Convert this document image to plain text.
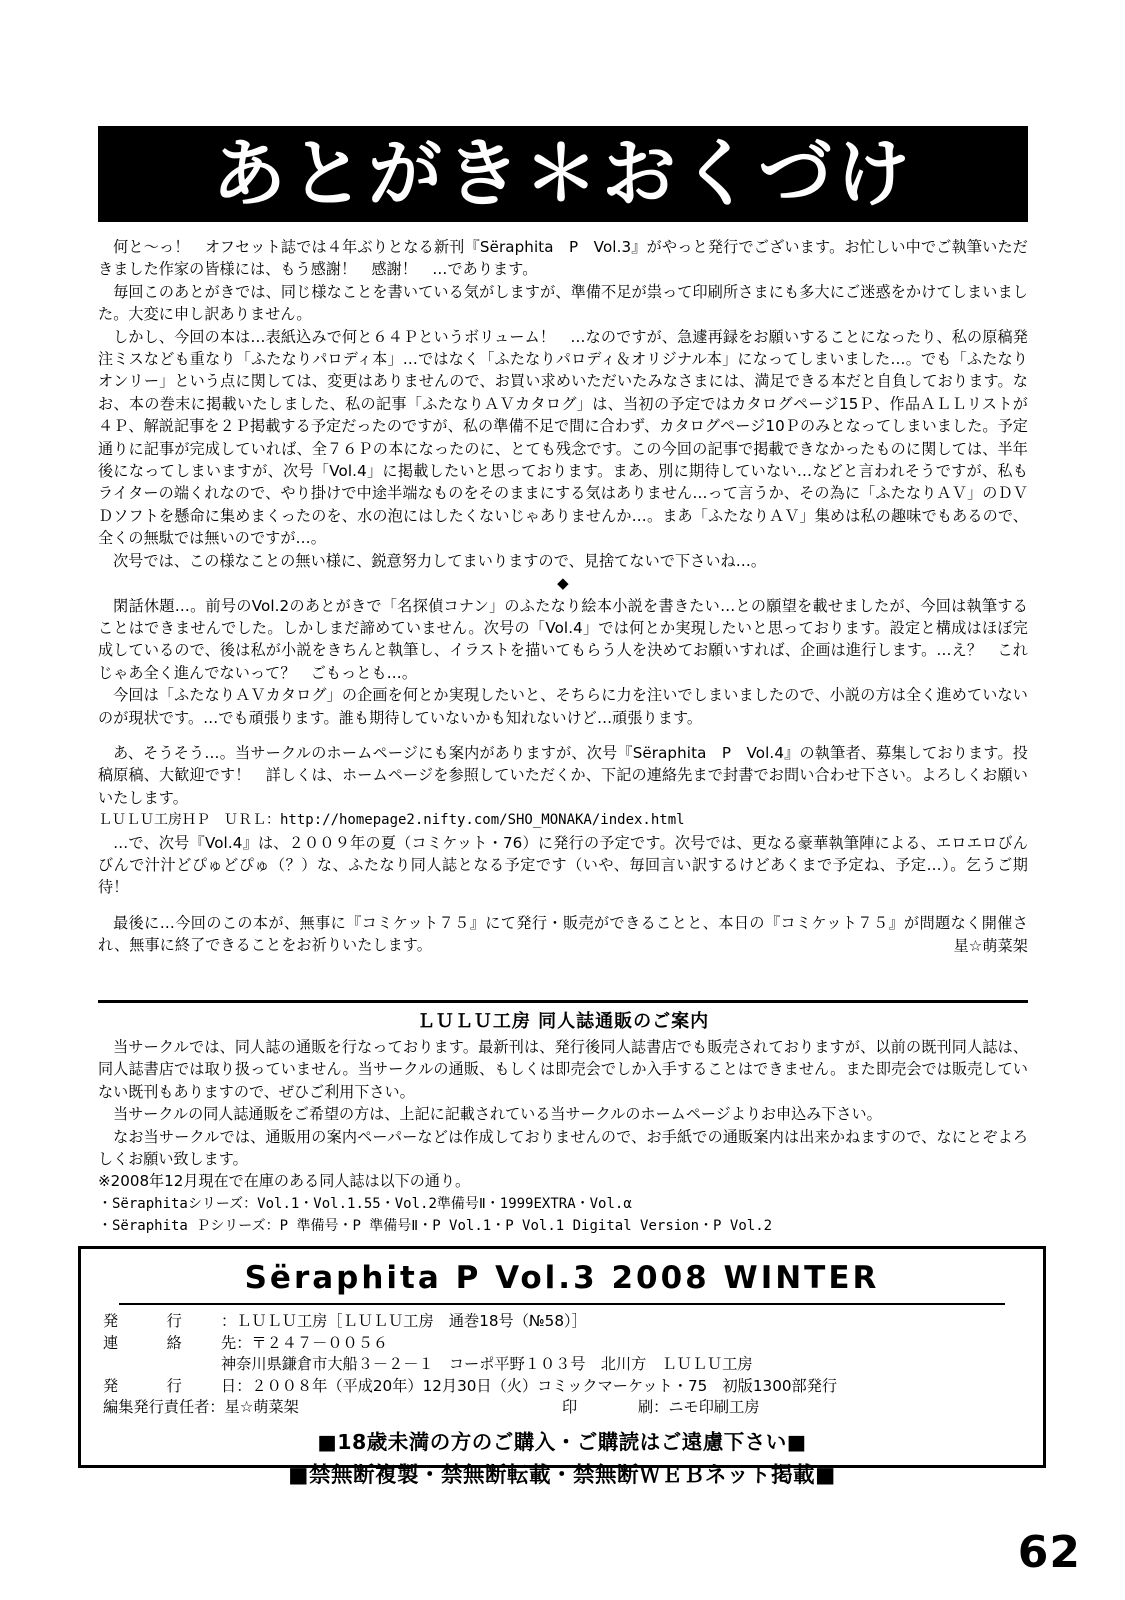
あとがき＊おくづけ

何と～っ！　オフセット誌では４年ぶりとなる新刊『Sёraphita　P　Vol.3』がやっと発行でございます。お忙しい中でご執筆いただきました作家の皆様には、もう感謝！　感謝！　…であります。

毎回このあとがきでは、同じ様なことを書いている気がしますが、準備不足が祟って印刷所さまにも多大にご迷惑をかけてしまいました。大変に申し訳ありません。

しかし、今回の本は…表紙込みで何と６４Ｐというボリューム！　…なのですが、急遽再録をお願いすることになったり、私の原稿発注ミスなども重なり「ふたなりパロディ本」…ではなく「ふたなりパロディ＆オリジナル本」になってしまいました…。でも「ふたなりオンリー」という点に関しては、変更はありませんので、お買い求めいただいたみなさまには、満足できる本だと自負しております。なお、本の巻末に掲載いたしました、私の記事「ふたなりＡＶカタログ」は、当初の予定ではカタログページ15Ｐ、作品ＡＬＬリストが４Ｐ、解説記事を２Ｐ掲載する予定だったのですが、私の準備不足で間に合わず、カタログページ10Ｐのみとなってしまいました。予定通りに記事が完成していれば、全７６Ｐの本になったのに、とても残念です。この今回の記事で掲載できなかったものに関しては、半年後になってしまいますが、次号「Vol.4」に掲載したいと思っております。まあ、別に期待していない…などと言われそうですが、私もライターの端くれなので、やり掛けで中途半端なものをそのままにする気はありません…って言うか、その為に「ふたなりＡＶ」のＤＶＤソフトを懸命に集めまくったのを、水の泡にはしたくないじゃありませんか…。まあ「ふたなりＡＶ」集めは私の趣味でもあるので、全くの無駄では無いのですが…。

次号では、この様なことの無い様に、鋭意努力してまいりますので、見捨てないで下さいね…。

◆

閑話休題…。前号のVol.2のあとがきで「名探偵コナン」のふたなり絵本小説を書きたい…との願望を載せましたが、今回は執筆することはできませんでした。しかしまだ諦めていません。次号の「Vol.4」では何とか実現したいと思っております。設定と構成はほぼ完成しているので、後は私が小説をきちんと執筆し、イラストを描いてもらう人を決めてお願いすれば、企画は進行します。…え？　これじゃあ全く進んでないって？　ごもっとも…。

今回は「ふたなりＡＶカタログ」の企画を何とか実現したいと、そちらに力を注いでしまいましたので、小説の方は全く進めていないのが現状です。…でも頑張ります。誰も期待していないかも知れないけど…頑張ります。

あ、そうそう…。当サークルのホームページにも案内がありますが、次号『Sёraphita　P　Vol.4』の執筆者、募集しております。投稿原稿、大歓迎です！　詳しくは、ホームページを参照していただくか、下記の連絡先まで封書でお問い合わせ下さい。よろしくお願いいたします。

ＬＵＬＵ工房ＨＰ　ＵＲＬ：http://homepage2.nifty.com/SHO_MONAKA/index.html

…で、次号『Vol.4』は、２００９年の夏（コミケット・76）に発行の予定です。次号では、更なる豪華執筆陣による、エロエロびんびんで汁汁どぴゅどぴゅ（？）な、ふたなり同人誌となる予定です（いや、毎回言い訳するけどあくまで予定ね、予定…）。乞うご期待！

最後に…今回のこの本が、無事に『コミケット７５』にて発行・販売ができることと、本日の『コミケット７５』が問題なく開催され、無事に終了できることをお祈りいたします。	星☆萌菜架

ＬＵＬＵ工房 同人誌通販のご案内

当サークルでは、同人誌の通販を行なっております。最新刊は、発行後同人誌書店でも販売されておりますが、以前の既刊同人誌は、同人誌書店では取り扱っていません。当サークルの通販、もしくは即売会でしか入手することはできません。また即売会では販売していない既刊もありますので、ぜひご利用下さい。

当サークルの同人誌通販をご希望の方は、上記に記載されている当サークルのホームページよりお申込み下さい。

なお当サークルでは、通販用の案内ペーパーなどは作成しておりませんので、お手紙での通販案内は出来かねますので、なにとぞよろしくお願い致します。

※2008年12月現在で在庫のある同人誌は以下の通り。

・Sёraphitaシリーズ：Vol.1・Vol.1.55・Vol.2準備号Ⅱ・1999EXTRA・Vol.α

・Sёraphita Ｐシリーズ：P 準備号・P 準備号Ⅱ・P Vol.1・P Vol.1 Digital Version・P Vol.2

Sёraphita P Vol.3 2008 WINTER
発　　行	：ＬＵＬＵ工房［ＬＵＬＵ工房　通巻18号（№58）］
連　　絡	先：〒２４７－００５６
神奈川県鎌倉市大船３－２－１　コーポ平野１０３号　北川方　ＬＵＬＵ工房
発　　行	日：２００８年（平成20年）12月30日（火）コミックマーケット・75　初版1300部発行
編集発行責任者：星☆萌菜架	印　　　　刷：ニモ印刷工房
■18歳未満の方のご購入・ご購読はご遠慮下さい■
■禁無断複製・禁無断転載・禁無断ＷＥＢネット掲載■
62
